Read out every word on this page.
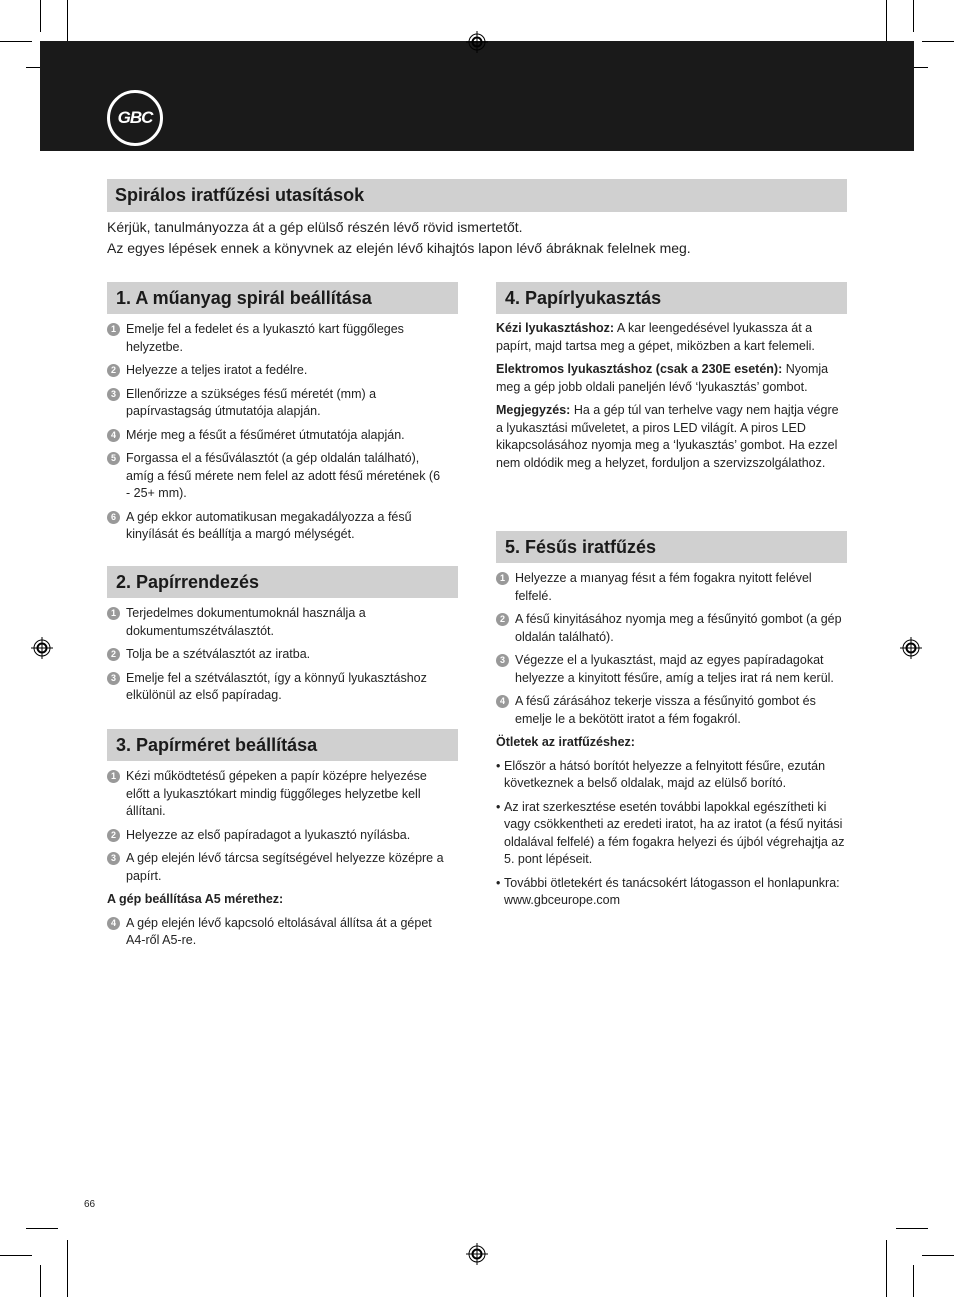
GBC
Spirálos iratfűzési utasítások

Kérjük, tanulmányozza át a gép elülső részén lévő rövid ismertetőt.

Az egyes lépések ennek a könyvnek az elején lévő kihajtós lapon lévő ábráknak felelnek meg.

1. A műanyag spirál beállítása
1 Emelje fel a fedelet és a lyukasztó kart függőleges helyzetbe.
2 Helyezze a teljes iratot a fedélre.
3 Ellenőrizze a szükséges fésű méretét (mm) a papírvastagság útmutatója alapján.
4 Mérje meg a fésűt a fésűméret útmutatója alapján.
5 Forgassa el a fésűválasztót (a gép oldalán található), amíg a fésű mérete nem felel az adott fésű méretének (6 - 25+ mm).
6 A gép ekkor automatikusan megakadályozza a fésű kinyílását és beállítja a margó mélységét.
2. Papírrendezés
1 Terjedelmes dokumentumoknál használja a dokumentumszétválasztót.
2 Tolja be a szétválasztót az iratba.
3 Emelje fel a szétválasztót, így a könnyű lyukasztáshoz elkülönül az első papíradag.
3. Papírméret beállítása
1 Kézi működtetésű gépeken a papír középre helyezése előtt a lyukasztókart mindig függőleges helyzetbe kell állítani.
2 Helyezze az első papíradagot a lyukasztó nyílásba.
3 A gép elején lévő tárcsa segítségével helyezze középre a papírt.
A gép beállítása A5 mérethez:
4 A gép elején lévő kapcsoló eltolásával állítsa át a gépet A4-ről A5-re.
4. Papírlyukasztás

Kézi lyukasztáshoz: A kar leengedésével lyukassza át a papírt, majd tartsa meg a gépet, miközben a kart felemeli.

Elektromos lyukasztáshoz (csak a 230E esetén): Nyomja meg a gép jobb oldali paneljén lévő ‘lyukasztás’ gombot.

Megjegyzés: Ha a gép túl van terhelve vagy nem hajtja végre a lyukasztási műveletet, a piros LED világít. A piros LED kikapcsolásához nyomja meg a ‘lyukasztás’ gombot. Ha ezzel nem oldódik meg a helyzet, forduljon a szervizszolgálathoz.

5. Fésűs iratfűzés
1 Helyezze a mıanyag fésıt a fém fogakra nyitott felével felfelé.
2 A fésű kinyitásához nyomja meg a fésűnyitó gombot (a gép oldalán található).
3 Végezze el a lyukasztást, majd az egyes papíradagokat helyezze a kinyitott fésűre, amíg a teljes irat rá nem kerül.
4 A fésű zárásához tekerje vissza a fésűnyitó gombot és emelje le a bekötött iratot a fém fogakról.
Ötletek az iratfűzéshez:
• Először a hátsó borítót helyezze a felnyitott fésűre, ezután következnek a belső oldalak, majd az elülső borító.
• Az irat szerkesztése esetén további lapokkal egészítheti ki vagy csökkentheti az eredeti iratot, ha az iratot (a fésű nyitási oldalával felfelé) a fém fogakra helyezi és újból végrehajtja az 5. pont lépéseit.
• További ötletekért és tanácsokért látogasson el honlapunkra: www.gbceurope.com
66
